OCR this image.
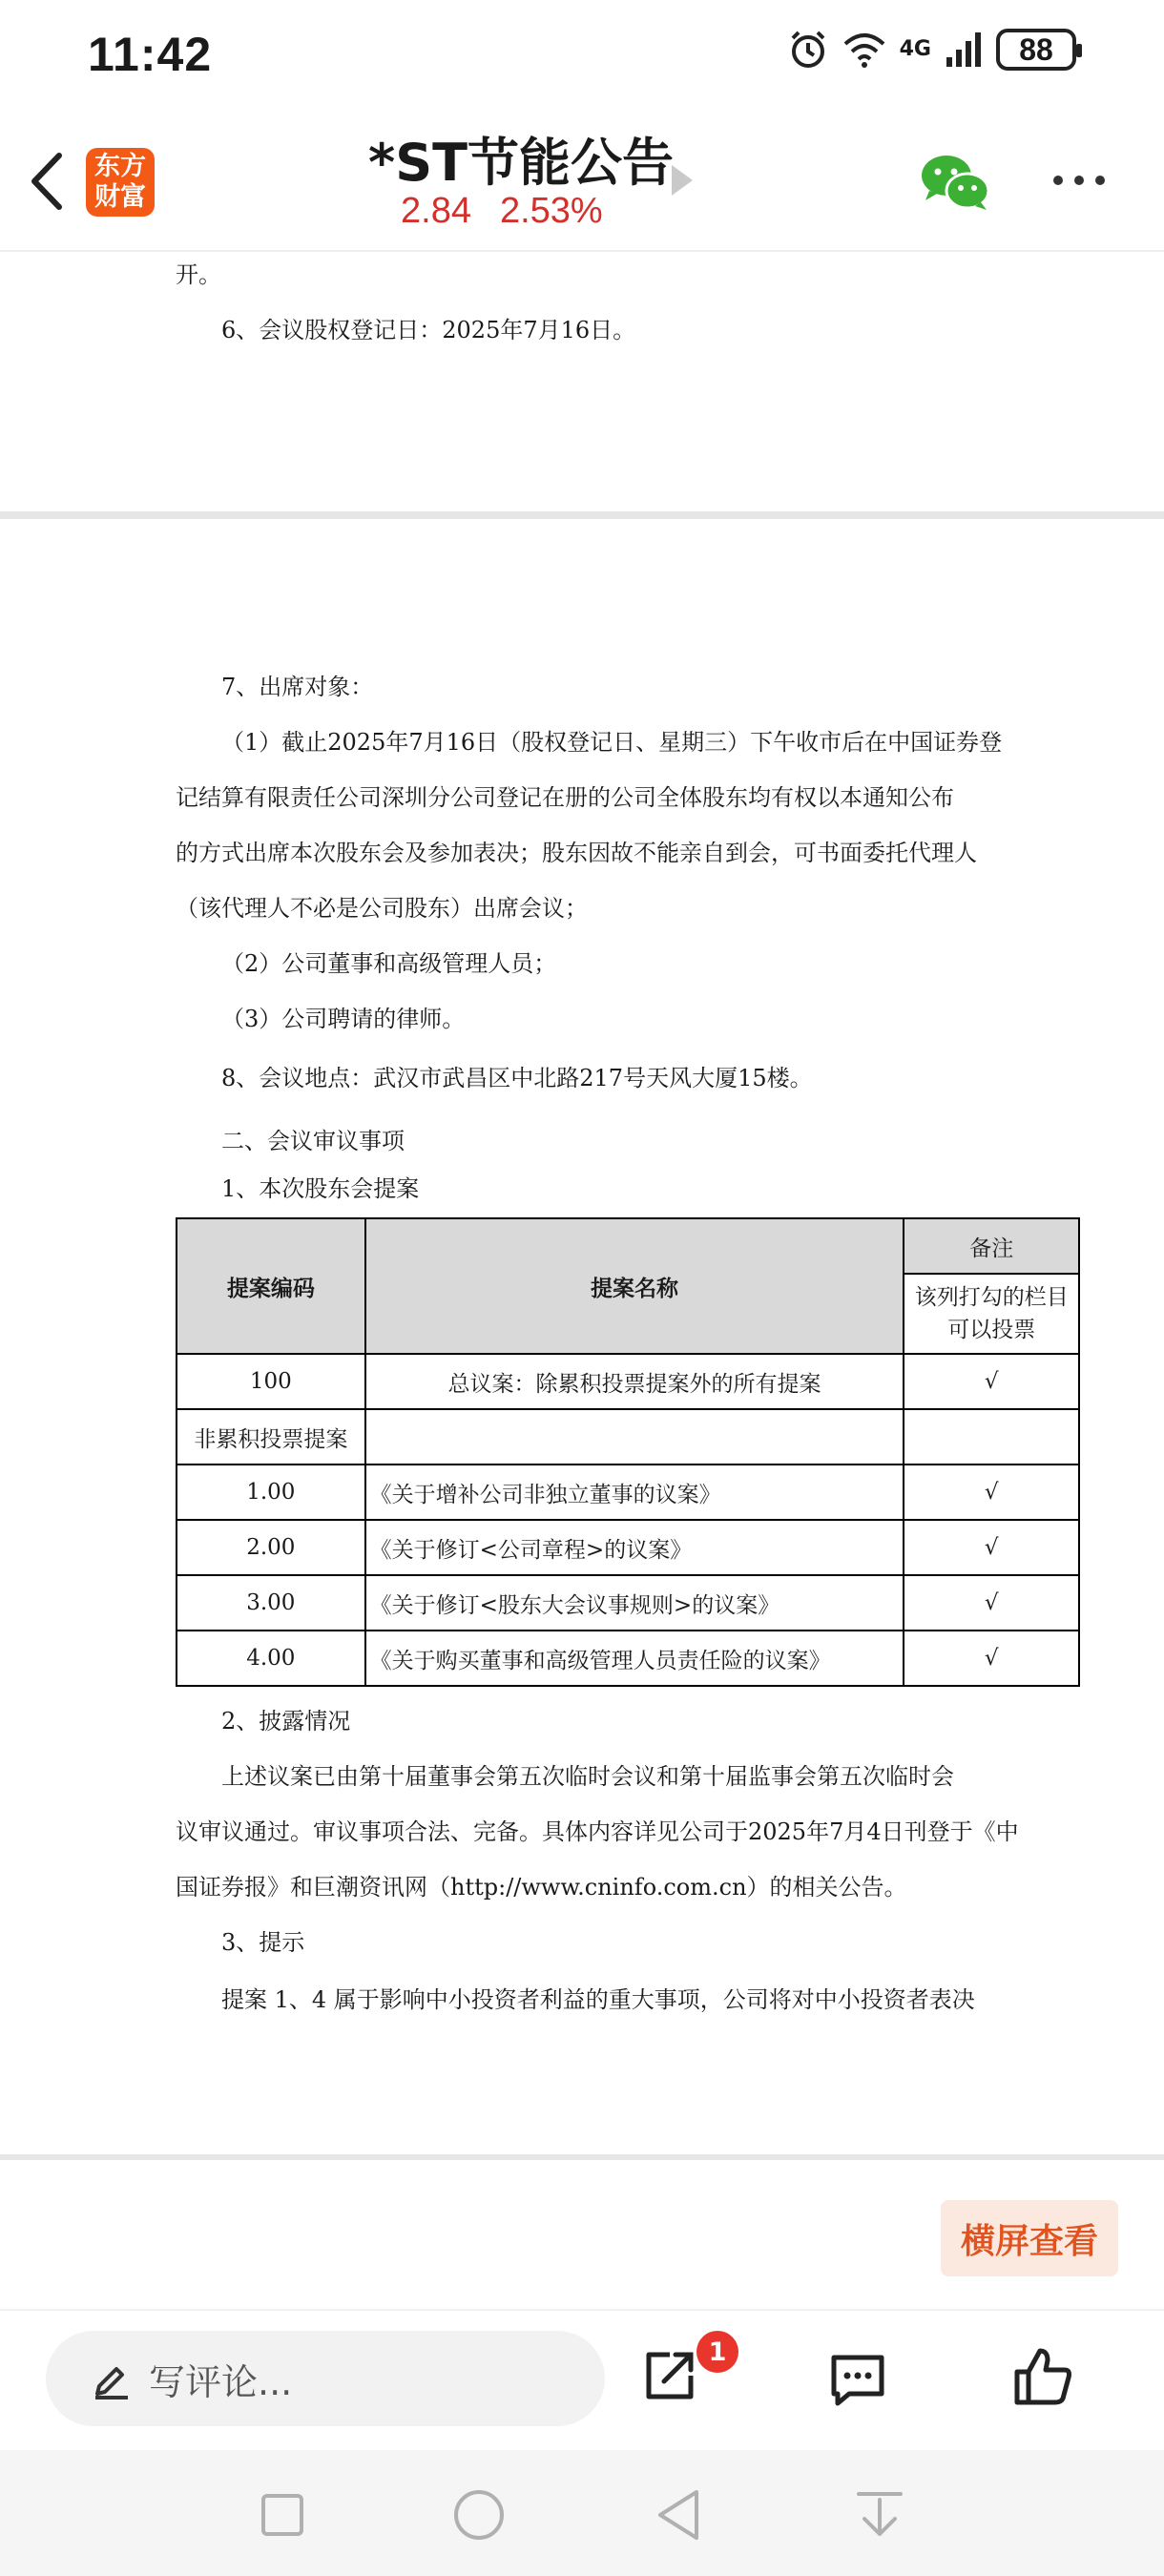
11:42	4G	88
东方
财富
*ST节能公告
2.84 2.53%
开。
6、会议股权登记日：2025年7月16日。
7、出席对象：
（1）截止2025年7月16日（股权登记日、星期三）下午收市后在中国证券登
记结算有限责任公司深圳分公司登记在册的公司全体股东均有权以本通知公布
的方式出席本次股东会及参加表决；股东因故不能亲自到会，可书面委托代理人
（该代理人不必是公司股东）出席会议；
（2）公司董事和高级管理人员；
（3）公司聘请的律师。
8、会议地点：武汉市武昌区中北路217号天风大厦15楼。
二、会议审议事项
1、本次股东会提案
提案编码	提案名称	备注
		该列打勾的栏目可以投票
100	总议案：除累积投票提案外的所有提案	√
非累积投票提案		
1.00	《关于增补公司非独立董事的议案》	√
2.00	《关于修订<公司章程>的议案》	√
3.00	《关于修订<股东大会议事规则>的议案》	√
4.00	《关于购买董事和高级管理人员责任险的议案》	√
2、披露情况
上述议案已由第十届董事会第五次临时会议和第十届监事会第五次临时会
议审议通过。审议事项合法、完备。具体内容详见公司于2025年7月4日刊登于《中
国证券报》和巨潮资讯网（http://www.cninfo.com.cn）的相关公告。
3、提示
提案 1、4 属于影响中小投资者利益的重大事项，公司将对中小投资者表决
横屏查看
写评论...
1
